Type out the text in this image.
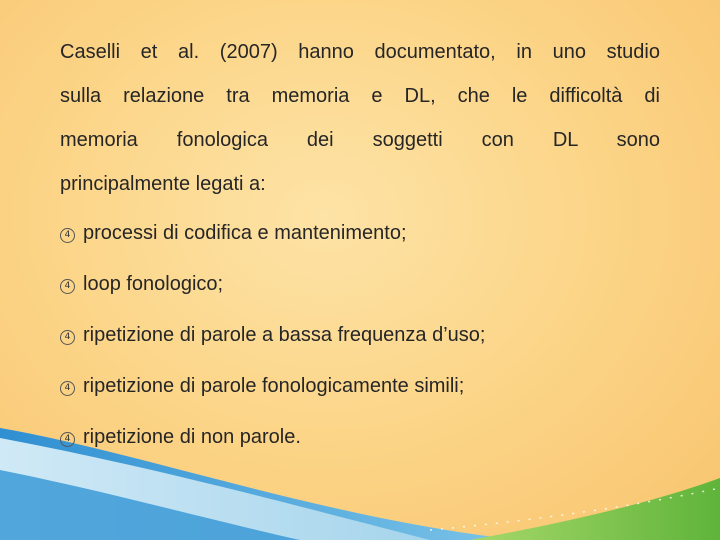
Caselli et al. (2007) hanno documentato, in uno studio
sulla relazione tra memoria e DL, che le difficoltà di
memoria fonologica dei soggetti con DL sono
principalmente legati a:

4 processi di codifica e mantenimento;
4 loop fonologico;
4 ripetizione di parole a bassa frequenza d’uso;
4 ripetizione di parole fonologicamente simili;
4 ripetizione di non parole.
